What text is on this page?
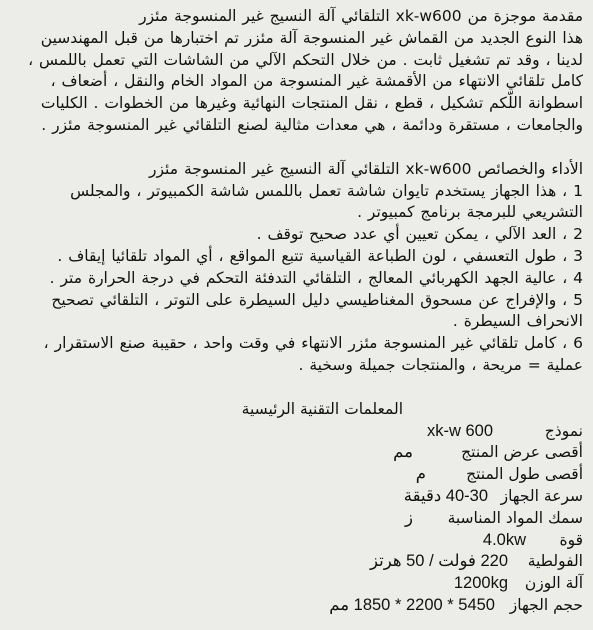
مقدمة موجزة من xk-w600 التلقائي آلة النسيج غير المنسوجة مئزر

هذا النوع الجديد من القماش غير المنسوجة آلة مئزر تم اختبارها من قبل المهندسين

لدينا ، وقد تم تشغيل ثابت . من خلال التحكم الآلي من الشاشات التي تعمل باللمس ،

كامل تلقائي الانتهاء من الأقمشة غير المنسوجة من المواد الخام والنقل ، أضعاف ،

اسطوانة اللّكم تشكيل ، قطع ، نقل المنتجات النهائية وغيرها من الخطوات . الكليات

والجامعات ، مستقرة ودائمة ، هي معدات مثالية لصنع التلقائي غير المنسوجة مئزر .

الأداء والخصائص xk-w600 التلقائي آلة النسيج غير المنسوجة مئزر

1 ، هذا الجهاز يستخدم تايوان شاشة تعمل باللمس شاشة الكمبيوتر ، والمجلس

التشريعي للبرمجة برنامج كمبيوتر .

2 ، العد الآلي ، يمكن تعيين أي عدد صحيح توقف .

3 ، طول التعسفي ، لون الطباعة القياسية تتبع المواقع ، أي المواد تلقائيا إيقاف .

4 ، عالية الجهد الكهربائي المعالج ، التلقائي التدفئة التحكم في درجة الحرارة متر .

5 ، والإفراج عن مسحوق المغناطيسي دليل السيطرة على التوتر ، التلقائي تصحيح

الانحراف السيطرة .

6 ، كامل تلقائي غير المنسوجة مئزر الانتهاء في وقت واحد ، حقيبة صنع الاستقرار ،

عملية = مريحة ، والمنتجات جميلة وسخية .

المعلمات التقنية الرئيسية

نموذج
xk-w 600
أقصى عرض المنتج
مم
أقصى طول المنتج
م
سرعة الجهاز
40-30 دقيقة
سمك المواد المناسبة
ز
قوة
4.0kw
الفولطية
220 فولت / 50 هرتز
آلة الوزن
1200kg
حجم الجهاز
5450 * 2200 * 1850 مم
